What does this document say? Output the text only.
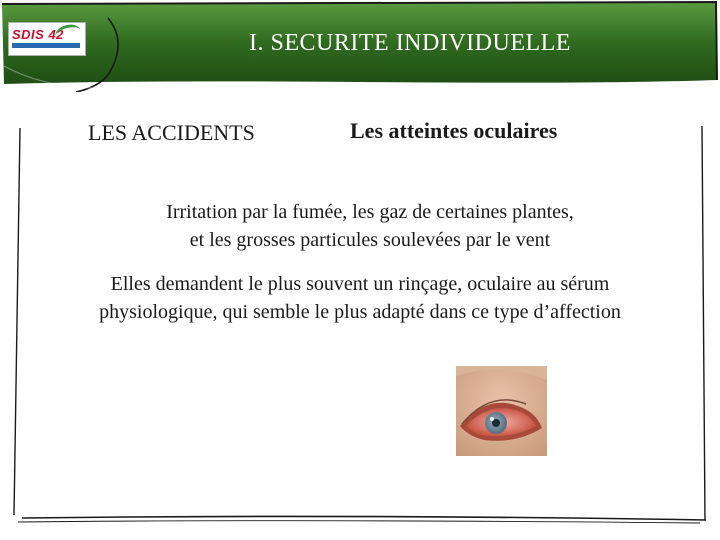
SDIS 42	I. SECURITE INDIVIDUELLE
LES ACCIDENTS	Les atteintes oculaires

Irritation par la fumée, les gaz de certaines plantes,
et les grosses particules soulevées par le vent

Elles demandent le plus souvent un rinçage, oculaire au sérum
physiologique, qui semble le plus adapté dans ce type d’affection
